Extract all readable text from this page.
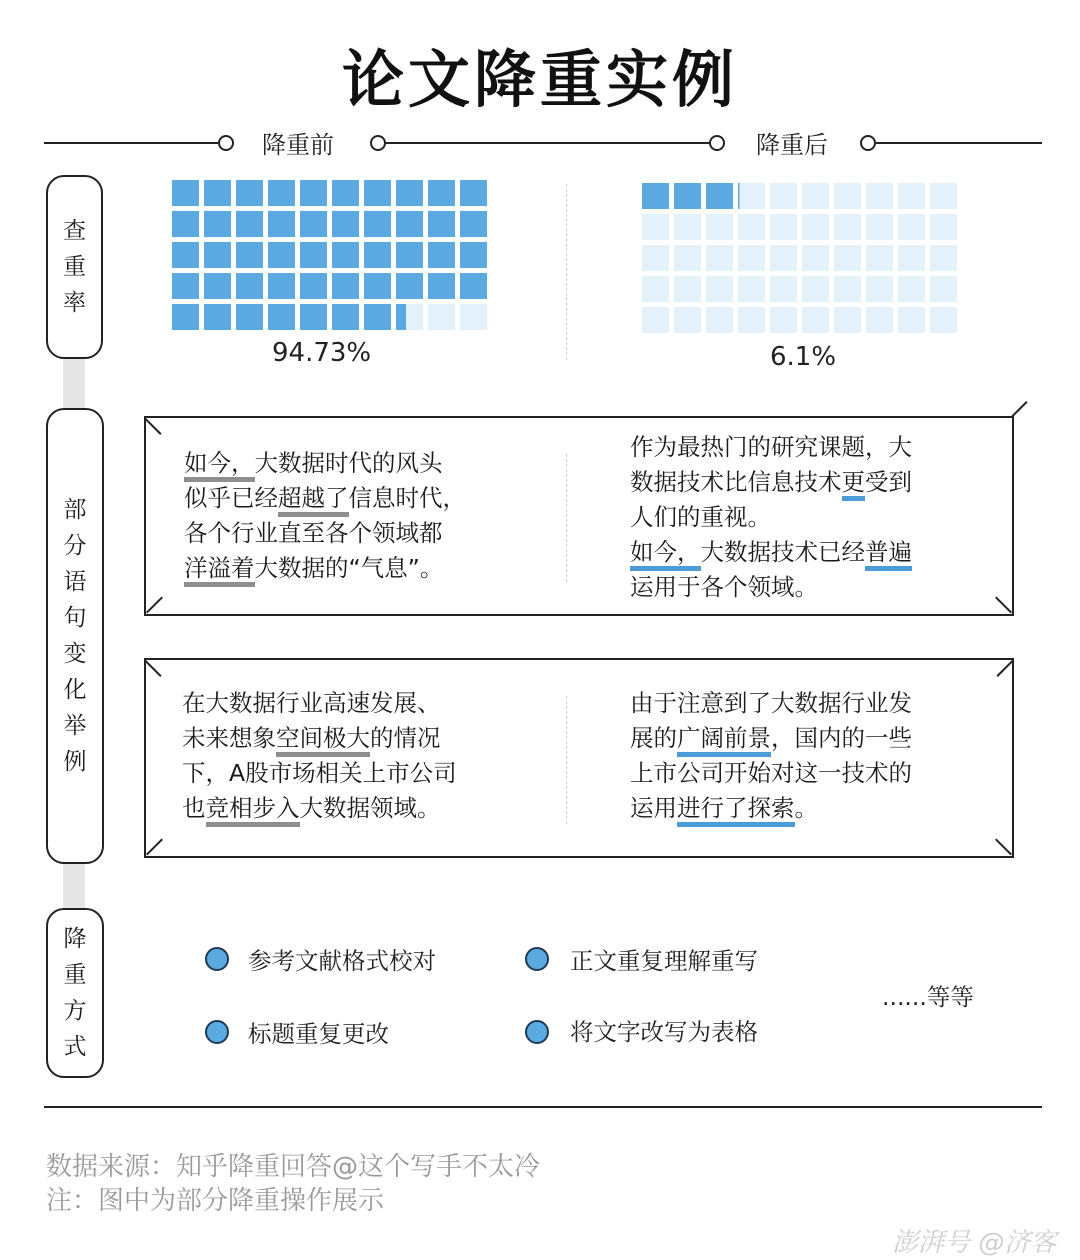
论文降重实例
降重前	降重后
查
重
率
部
分
语
句
变
化
举
例
降
重
方
式
94.73%	6.1%
如今，大数据时代的风头
似乎已经超越了信息时代，
各个行业直至各个领域都
洋溢着大数据的“气息”。
作为最热门的研究课题，大
数据技术比信息技术更受到
人们的重视。
如今，大数据技术已经普遍
运用于各个领域。
在大数据行业高速发展、
未来想象空间极大的情况
下，A股市场相关上市公司
也竞相步入大数据领域。
由于注意到了大数据行业发
展的广阔前景，国内的一些
上市公司开始对这一技术的
运用进行了探索。
参考文献格式校对	正文重复理解重写
标题重复更改	将文字改写为表格
......等等
数据来源：知乎降重回答@这个写手不太冷
注：图中为部分降重操作展示
澎湃号 @济客
